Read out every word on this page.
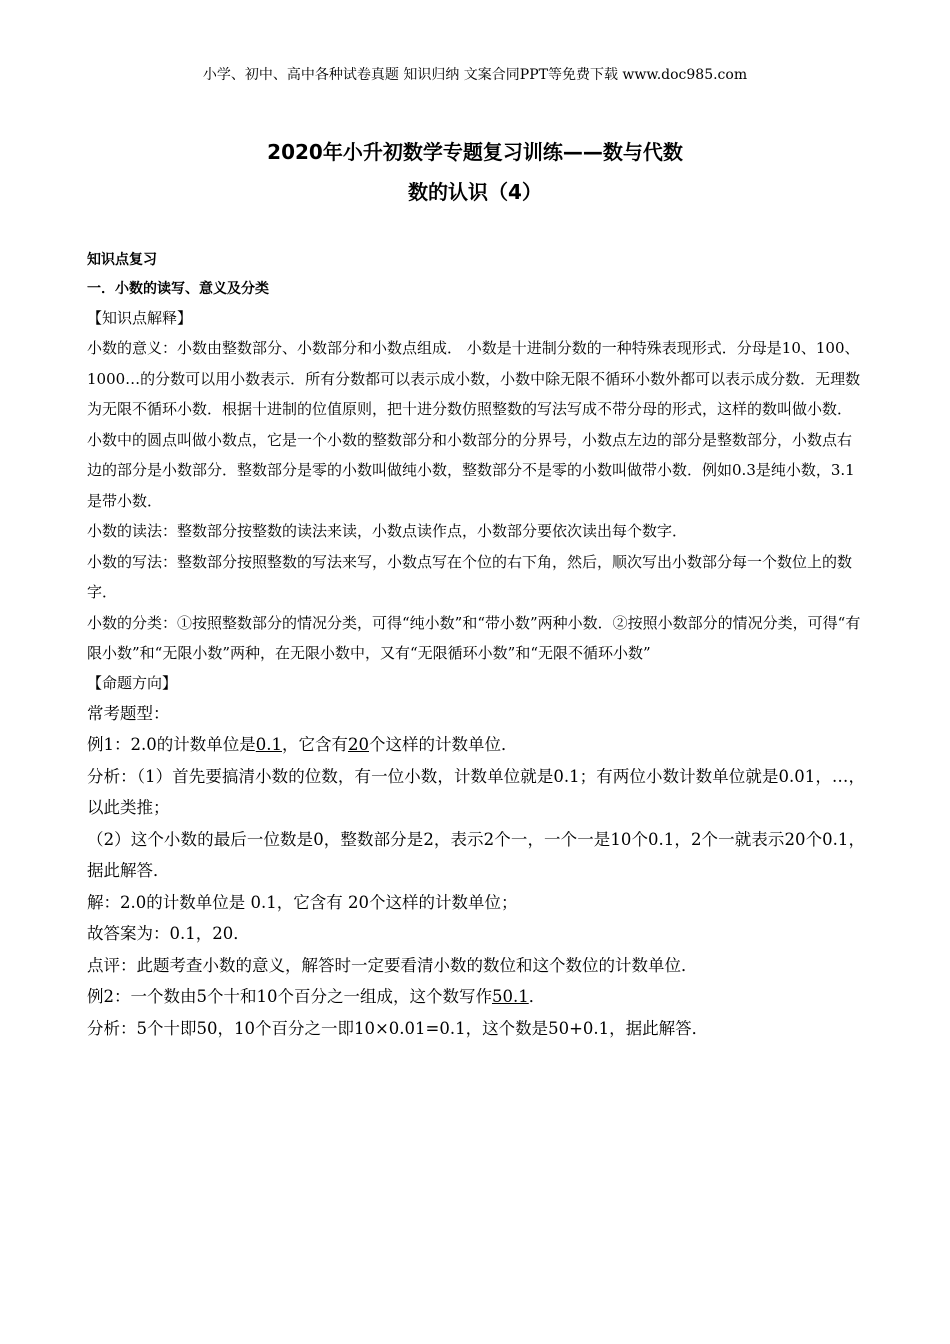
小学、初中、高中各种试卷真题 知识归纳 文案合同PPT等免费下载 www.doc985.com
2020年小升初数学专题复习训练——数与代数
数的认识（4）
知识点复习
一．小数的读写、意义及分类
【知识点解释】

小数的意义：小数由整数部分、小数部分和小数点组成． 小数是十进制分数的一种特殊表现形式．分母是10、100、1000…的分数可以用小数表示．所有分数都可以表示成小数，小数中除无限不循环小数外都可以表示成分数．无理数为无限不循环小数．根据十进制的位值原则，把十进分数仿照整数的写法写成不带分母的形式，这样的数叫做小数．小数中的圆点叫做小数点，它是一个小数的整数部分和小数部分的分界号，小数点左边的部分是整数部分，小数点右边的部分是小数部分．整数部分是零的小数叫做纯小数，整数部分不是零的小数叫做带小数．例如0.3是纯小数，3.1是带小数．

小数的读法：整数部分按整数的读法来读，小数点读作点，小数部分要依次读出每个数字．

小数的写法：整数部分按照整数的写法来写，小数点写在个位的右下角，然后，顺次写出小数部分每一个数位上的数字．

小数的分类：①按照整数部分的情况分类，可得“纯小数”和“带小数”两种小数．②按照小数部分的情况分类，可得“有限小数”和“无限小数”两种，在无限小数中，又有“无限循环小数”和“无限不循环小数”

【命题方向】

常考题型：

例1：2.0的计数单位是0.1，它含有20个这样的计数单位．

分析：（1）首先要搞清小数的位数，有一位小数，计数单位就是0.1；有两位小数计数单位就是0.01，…，以此类推；

（2）这个小数的最后一位数是0，整数部分是2，表示2个一，一个一是10个0.1，2个一就表示20个0.1，据此解答．

解：2.0的计数单位是 0.1，它含有 20个这样的计数单位；

故答案为：0.1，20．

点评：此题考查小数的意义，解答时一定要看清小数的数位和这个数位的计数单位．

例2：一个数由5个十和10个百分之一组成，这个数写作50.1．

分析：5个十即50，10个百分之一即10×0.01=0.1，这个数是50+0.1，据此解答．
